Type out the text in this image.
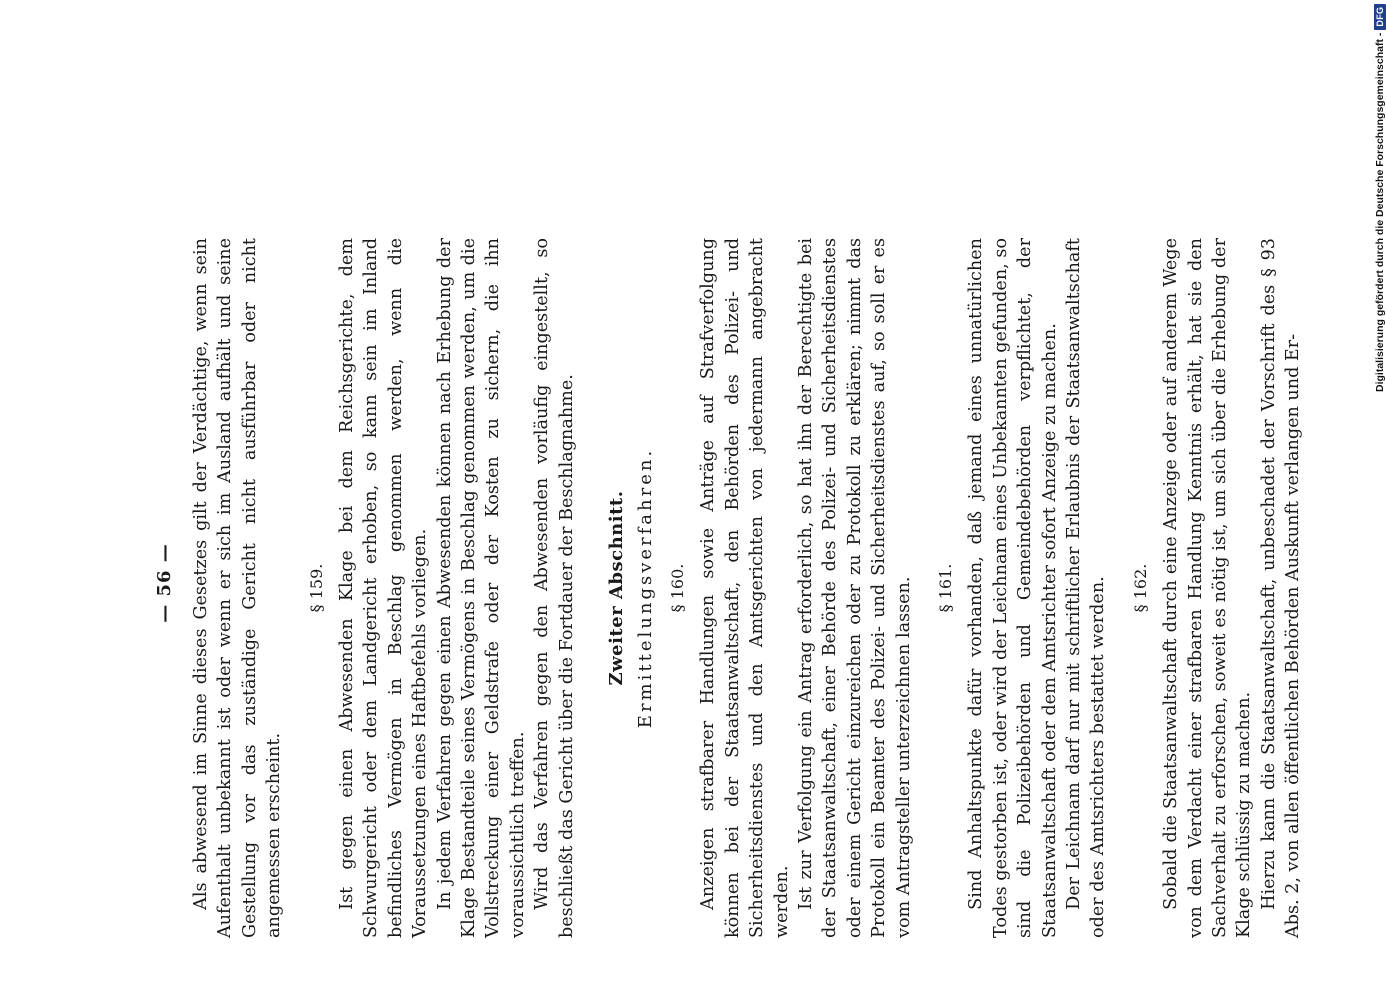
— 56 — Als abwesend im Sinne dieses Gesetzes gilt der Verdächtige, wenn sein Aufenthalt unbekannt ist oder wenn er sich im Ausland aufhält und seine Gestellung vor das zuständige Gericht nicht ausführbar oder nicht angemessen erscheint.

§ 159. Ist gegen einen Abwesenden Klage bei dem Reichsgerichte, dem Schwurgericht oder dem Landgericht erhoben, so kann sein im Inland befindliches Vermögen in Beschlag genommen werden, wenn die Voraussetzungen eines Haftbefehls vorliegen. In jedem Verfahren gegen einen Abwesenden können nach Erhebung der Klage Bestandteile seines Vermögens in Beschlag genommen werden, um die Vollstreckung einer Geldstrafe oder der Kosten zu sichern, die ihn voraussichtlich treffen. Wird das Verfahren gegen den Abwesenden vorläufig eingestellt, so beschließt das Gericht über die Fortdauer der Beschlagnahme. Zweiter Abschnitt. Ermittelungsverfahren. § 160. Anzeigen strafbarer Handlungen sowie Anträge auf Strafverfolgung können bei der Staatsanwaltschaft, den Behörden des Polizei- und Sicherheitsdienstes und den Amtsgerichten von jedermann angebracht werden. Ist zur Verfolgung ein Antrag erforderlich, so hat ihn der Berechtigte bei der Staatsanwaltschaft, einer Behörde des Polizei- und Sicherheitsdienstes oder einem Gericht einzureichen oder zu Protokoll zu erklären; nimmt das Protokoll ein Beamter des Polizei- und Sicherheitsdienstes auf, so soll er es vom Antragsteller unterzeichnen lassen. § 161. Sind Anhaltspunkte dafür vorhanden, daß jemand eines unnatürlichen Todes gestorben ist, oder wird der Leichnam eines Unbekannten gefunden, so sind die Polizeibehörden und Gemeindebehörden verpflichtet, der Staatsanwaltschaft oder dem Amtsrichter sofort Anzeige zu machen. Der Leichnam darf nur mit schriftlicher Erlaubnis der Staatsanwaltschaft oder des Amtsrichters bestattet werden. § 162. Sobald die Staatsanwaltschaft durch eine Anzeige oder auf anderem Wege von dem Verdacht einer strafbaren Handlung Kenntnis erhält, hat sie den Sachverhalt zu erforschen, soweit es nötig ist, um sich über die Erhebung der Klage schlüssig zu machen. Hierzu kann die Staatsanwaltschaft, unbeschadet der Vorschrift des § 93 Abs. 2, von allen öffentlichen Behörden Auskunft verlangen und Er-

Digitalisierung gefördert durch die Deutsche Forschungsgemeinschaft -
DFG
